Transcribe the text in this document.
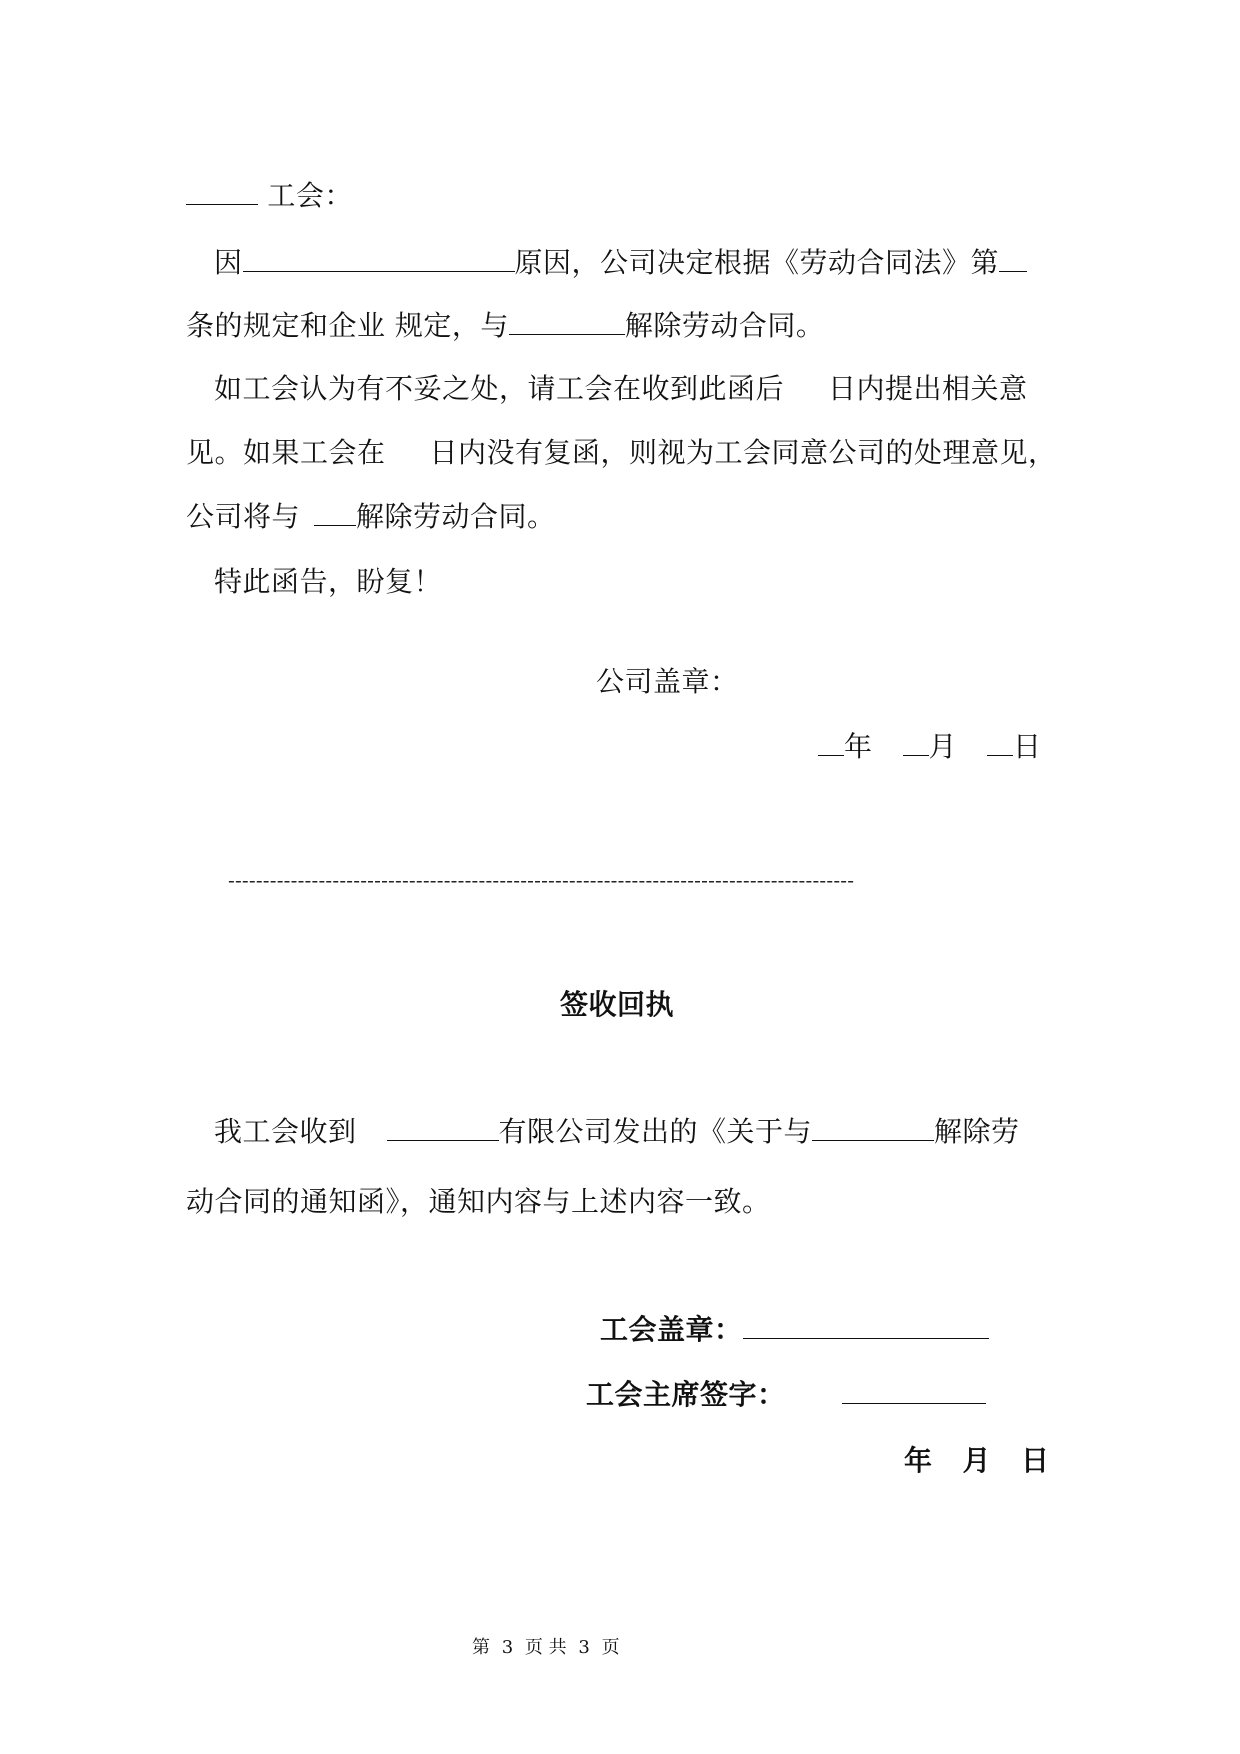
工会：
因	原因，公司决定根据《劳动合同法》第
条的规定和企业 规定，与	解除劳动合同。
如工会认为有不妥之处，请工会在收到此函后 日内提出相关意
见。如果工会在 日内没有复函，则视为工会同意公司的处理意见，
公司将与 解除劳动合同。
特此函告，盼复！
公司盖章：
年 月 日
------------------------------------------------------------------------------------------
签收回执
我工会收到	有限公司发出的《关于与	解除劳
动合同的通知函》，通知内容与上述内容一致。
工会盖章：
工会主席签字：
年 月 日
第 3 页 共 3 页
